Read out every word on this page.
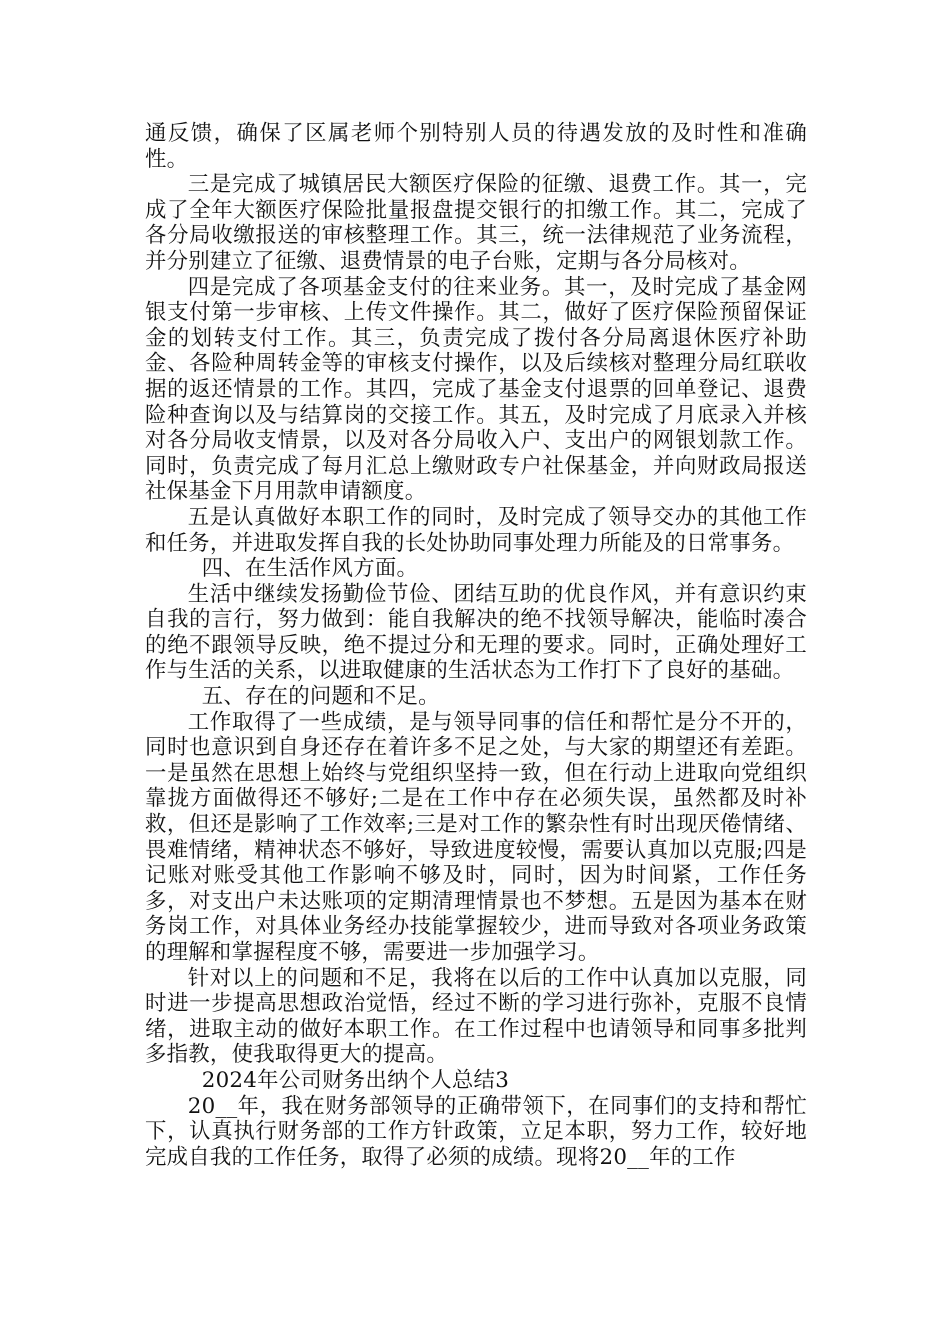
通反馈，确保了区属老师个别特别人员的待遇发放的及时性和准确性。

三是完成了城镇居民大额医疗保险的征缴、退费工作。其一，完成了全年大额医疗保险批量报盘提交银行的扣缴工作。其二，完成了各分局收缴报送的审核整理工作。其三，统一法律规范了业务流程，并分别建立了征缴、退费情景的电子台账，定期与各分局核对。

四是完成了各项基金支付的往来业务。其一，及时完成了基金网银支付第一步审核、上传文件操作。其二，做好了医疗保险预留保证金的划转支付工作。其三，负责完成了拨付各分局离退休医疗补助金、各险种周转金等的审核支付操作，以及后续核对整理分局红联收据的返还情景的工作。其四，完成了基金支付退票的回单登记、退费险种查询以及与结算岗的交接工作。其五，及时完成了月底录入并核对各分局收支情景，以及对各分局收入户、支出户的网银划款工作。同时，负责完成了每月汇总上缴财政专户社保基金，并向财政局报送社保基金下月用款申请额度。

五是认真做好本职工作的同时，及时完成了领导交办的其他工作和任务，并进取发挥自我的长处协助同事处理力所能及的日常事务。

四、在生活作风方面。

生活中继续发扬勤俭节俭、团结互助的优良作风，并有意识约束自我的言行，努力做到：能自我解决的绝不找领导解决，能临时凑合的绝不跟领导反映，绝不提过分和无理的要求。同时，正确处理好工作与生活的关系，以进取健康的生活状态为工作打下了良好的基础。

五、存在的问题和不足。

工作取得了一些成绩，是与领导同事的信任和帮忙是分不开的，同时也意识到自身还存在着许多不足之处，与大家的期望还有差距。一是虽然在思想上始终与党组织坚持一致，但在行动上进取向党组织靠拢方面做得还不够好;二是在工作中存在必须失误，虽然都及时补救，但还是影响了工作效率;三是对工作的繁杂性有时出现厌倦情绪、畏难情绪，精神状态不够好，导致进度较慢，需要认真加以克服;四是记账对账受其他工作影响不够及时，同时，因为时间紧，工作任务多，对支出户未达账项的定期清理情景也不梦想。五是因为基本在财务岗工作，对具体业务经办技能掌握较少，进而导致对各项业务政策的理解和掌握程度不够，需要进一步加强学习。

针对以上的问题和不足，我将在以后的工作中认真加以克服，同时进一步提高思想政治觉悟，经过不断的学习进行弥补，克服不良情绪，进取主动的做好本职工作。在工作过程中也请领导和同事多批判多指教，使我取得更大的提高。

2024年公司财务出纳个人总结3

20__年，我在财务部领导的正确带领下，在同事们的支持和帮忙下，认真执行财务部的工作方针政策，立足本职，努力工作，较好地完成自我的工作任务，取得了必须的成绩。现将20__年的工作
